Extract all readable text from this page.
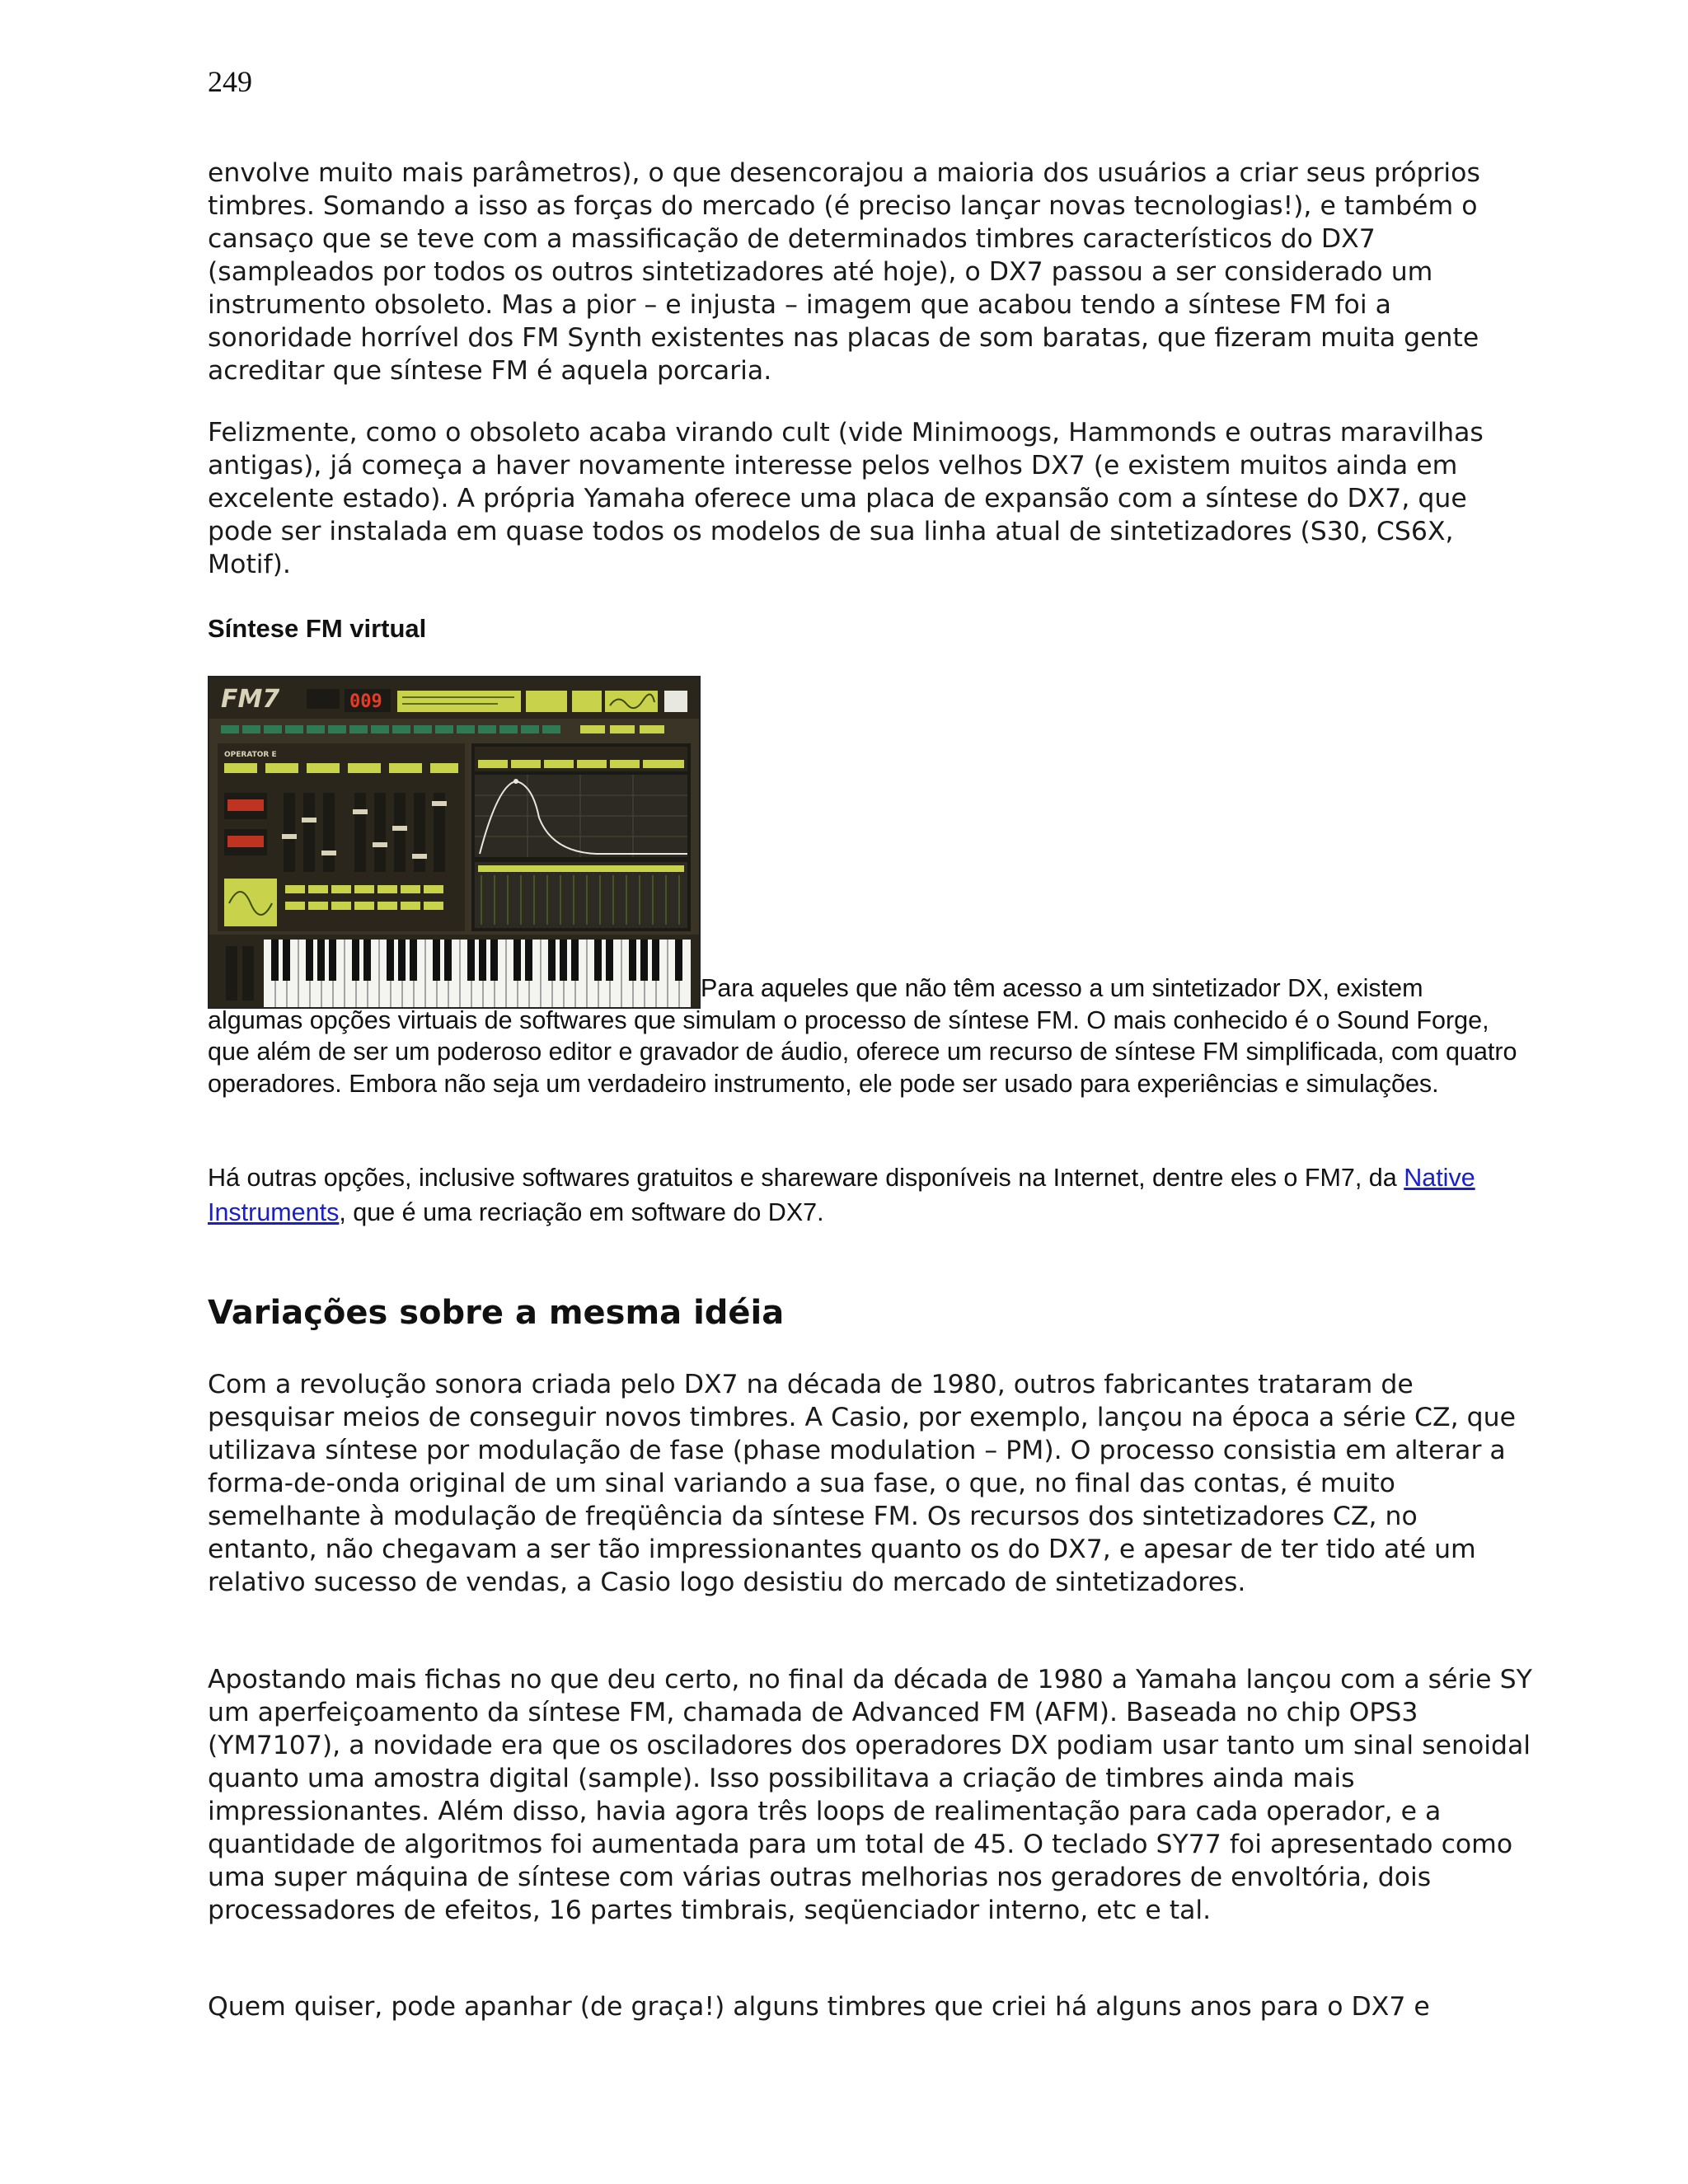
249

envolve muito mais parâmetros), o que desencorajou a maioria dos usuários a criar seus próprios timbres. Somando a isso as forças do mercado (é preciso lançar novas tecnologias!), e também o cansaço que se teve com a massificação de determinados timbres característicos do DX7 (sampleados por todos os outros sintetizadores até hoje), o DX7 passou a ser considerado um instrumento obsoleto. Mas a pior – e injusta – imagem que acabou tendo a síntese FM foi a sonoridade horrível dos FM Synth existentes nas placas de som baratas, que fizeram muita gente acreditar que síntese FM é aquela porcaria.

Felizmente, como o obsoleto acaba virando cult (vide Minimoogs, Hammonds e outras maravilhas antigas), já começa a haver novamente interesse pelos velhos DX7 (e existem muitos ainda em excelente estado). A própria Yamaha oferece uma placa de expansão com a síntese do DX7, que pode ser instalada em quase todos os modelos de sua linha atual de sintetizadores (S30, CS6X, Motif).

Síntese FM virtual
FM7	009
OPERATOR E
Para aqueles que não têm acesso a um sintetizador DX, existem
algumas opções virtuais de softwares que simulam o processo de síntese FM. O mais conhecido é o Sound Forge, que além de ser um poderoso editor e gravador de áudio, oferece um recurso de síntese FM simplificada, com quatro operadores. Embora não seja um verdadeiro instrumento, ele pode ser usado para experiências e simulações.

Há outras opções, inclusive softwares gratuitos e shareware disponíveis na Internet, dentre eles o FM7, da Native Instruments, que é uma recriação em software do DX7.

Variações sobre a mesma idéia

Com a revolução sonora criada pelo DX7 na década de 1980, outros fabricantes trataram de pesquisar meios de conseguir novos timbres. A Casio, por exemplo, lançou na época a série CZ, que utilizava síntese por modulação de fase (phase modulation – PM). O processo consistia em alterar a forma-de-onda original de um sinal variando a sua fase, o que, no final das contas, é muito semelhante à modulação de freqüência da síntese FM. Os recursos dos sintetizadores CZ, no entanto, não chegavam a ser tão impressionantes quanto os do DX7, e apesar de ter tido até um relativo sucesso de vendas, a Casio logo desistiu do mercado de sintetizadores.

Apostando mais fichas no que deu certo, no final da década de 1980 a Yamaha lançou com a série SY um aperfeiçoamento da síntese FM, chamada de Advanced FM (AFM). Baseada no chip OPS3 (YM7107), a novidade era que os osciladores dos operadores DX podiam usar tanto um sinal senoidal quanto uma amostra digital (sample). Isso possibilitava a criação de timbres ainda mais impressionantes. Além disso, havia agora três loops de realimentação para cada operador, e a quantidade de algoritmos foi aumentada para um total de 45. O teclado SY77 foi apresentado como uma super máquina de síntese com várias outras melhorias nos geradores de envoltória, dois processadores de efeitos, 16 partes timbrais, seqüenciador interno, etc e tal.

Quem quiser, pode apanhar (de graça!) alguns timbres que criei há alguns anos para o DX7 e
